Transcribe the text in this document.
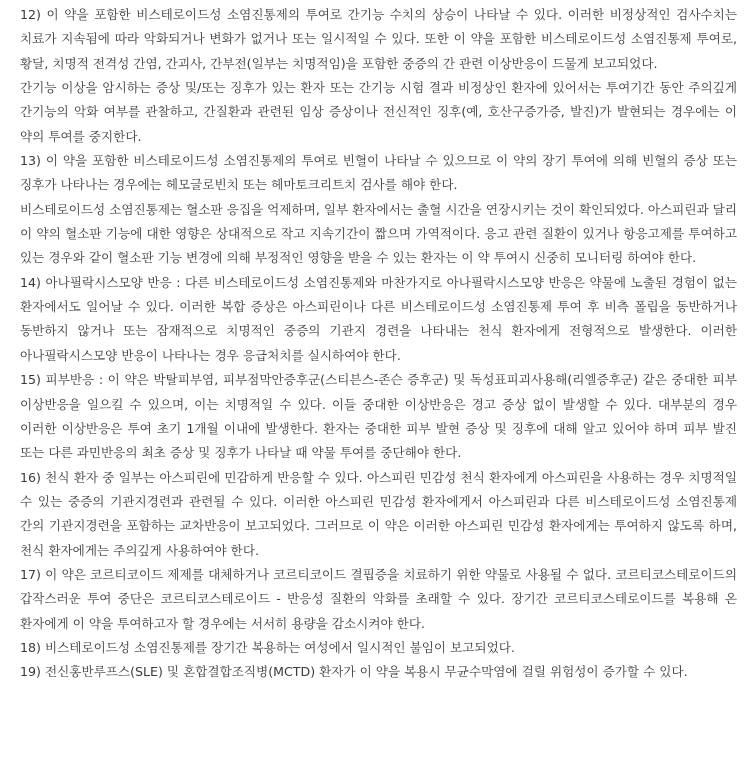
12) 이 약을 포함한 비스테로이드성 소염진통제의 투여로 간기능 수치의 상승이 나타날 수 있다. 이러한 비정상적인 검사수치는 치료가 지속됨에 따라 악화되거나 변화가 없거나 또는 일시적일 수 있다. 또한 이 약을 포함한 비스테로이드성 소염진통제 투여로, 황달, 치명적 전격성 간염, 간괴사, 간부전(일부는 치명적임)을 포함한 중증의 간 관련 이상반응이 드물게 보고되었다.

간기능 이상을 암시하는 증상 및/또는 징후가 있는 환자 또는 간기능 시험 결과 비정상인 환자에 있어서는 투여기간 동안 주의깊게 간기능의 악화 여부를 관찰하고, 간질환과 관련된 임상 증상이나 전신적인 징후(예, 호산구증가증, 발진)가 발현되는 경우에는 이 약의 투여를 중지한다.

13) 이 약을 포함한 비스테로이드성 소염진통제의 투여로 빈혈이 나타날 수 있으므로 이 약의 장기 투여에 의해 빈혈의 증상 또는 징후가 나타나는 경우에는 헤모글로빈치 또는 헤마토크리트치 검사를 해야 한다.

비스테로이드성 소염진통제는 혈소판 응집을 억제하며, 일부 환자에서는 출혈 시간을 연장시키는 것이 확인되었다. 아스피린과 달리 이 약의 혈소판 기능에 대한 영향은 상대적으로 작고 지속기간이 짧으며 가역적이다. 응고 관련 질환이 있거나 항응고제를 투여하고 있는 경우와 같이 혈소판 기능 변경에 의해 부정적인 영향을 받을 수 있는 환자는 이 약 투여시 신중히 모니터링 하여야 한다.

14) 아나필락시스모양 반응 : 다른 비스테로이드성 소염진통제와 마찬가지로 아나필락시스모양 반응은 약물에 노출된 경험이 없는 환자에서도 일어날 수 있다. 이러한 복합 증상은 아스피린이나 다른 비스테로이드성 소염진통제 투여 후 비측 폴립을 동반하거나 동반하지 않거나 또는 잠재적으로 치명적인 중증의 기관지 경련을 나타내는 천식 환자에게 전형적으로 발생한다. 이러한 아나필락시스모양 반응이 나타나는 경우 응급처치를 실시하여야 한다.

15) 피부반응 : 이 약은 박탈피부염, 피부점막안증후군(스티븐스-존슨 증후군) 및 독성표피괴사용해(리엘증후군) 같은 중대한 피부 이상반응을 일으킬 수 있으며, 이는 치명적일 수 있다. 이들 중대한 이상반응은 경고 증상 없이 발생할 수 있다. 대부분의 경우 이러한 이상반응은 투여 초기 1개월 이내에 발생한다. 환자는 중대한 피부 발현 증상 및 징후에 대해 알고 있어야 하며 피부 발진 또는 다른 과민반응의 최초 증상 및 징후가 나타날 때 약물 투여를 중단해야 한다.

16) 천식 환자 중 일부는 아스피린에 민감하게 반응할 수 있다. 아스피린 민감성 천식 환자에게 아스피린을 사용하는 경우 치명적일 수 있는 중증의 기관지경련과 관련될 수 있다. 이러한 아스피린 민감성 환자에게서 아스피린과 다른 비스테로이드성 소염진통제 간의 기관지경련을 포함하는 교차반응이 보고되었다. 그러므로 이 약은 이러한 아스피린 민감성 환자에게는 투여하지 않도록 하며, 천식 환자에게는 주의깊게 사용하여야 한다.

17) 이 약은 코르티코이드 제제를 대체하거나 코르티코이드 결핍증을 치료하기 위한 약물로 사용될 수 없다. 코르티코스테로이드의 갑작스러운 투여 중단은 코르티코스테로이드 - 반응성 질환의 악화를 초래할 수 있다. 장기간 코르티코스테로이드를 복용해 온 환자에게 이 약을 투여하고자 할 경우에는 서서히 용량을 감소시켜야 한다.

18) 비스테로이드성 소염진통제를 장기간 복용하는 여성에서 일시적인 불임이 보고되었다.

19) 전신홍반루프스(SLE) 및 혼합결합조직병(MCTD) 환자가 이 약을 복용시 무균수막염에 걸릴 위험성이 증가할 수 있다.
